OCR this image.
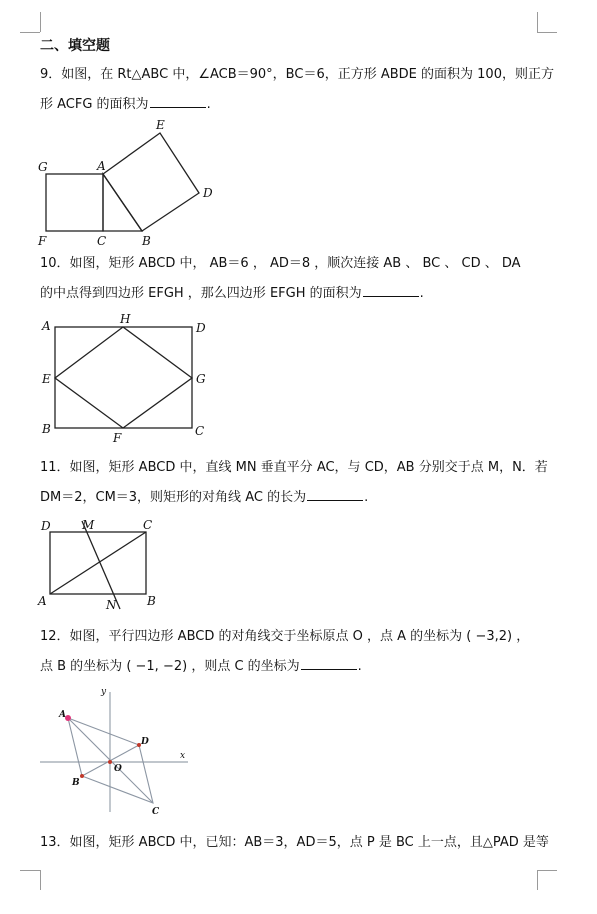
二、填空题
9．如图，在 Rt△ABC 中，∠ACB＝90°，BC＝6，正方形 ABDE 的面积为 100，则正方
形 ACFG 的面积为	.
E
G	A
D
F	C	B
10．如图，矩形 ABCD 中， AB＝6 ， AD＝8 ，顺次连接 AB 、 BC 、 CD 、 DA
的中点得到四边形 EFGH ，那么四边形 EFGH 的面积为	.
A	H
D
E	G
B
F	C
11．如图，矩形 ABCD 中，直线 MN 垂直平分 AC，与 CD，AB 分别交于点 M，N．若
DM＝2，CM＝3，则矩形的对角线 AC 的长为	.
D	M	C
A	N	B
12．如图，平行四边形 ABCD 的对角线交于坐标原点 O ，点 A 的坐标为 ( −3,2) ，
点 B 的坐标为 ( −1, −2) ，则点 C 的坐标为	.
y
x
A
D
O
B
C
13．如图，矩形 ABCD 中，已知：AB＝3，AD＝5，点 P 是 BC 上一点，且△PAD 是等
